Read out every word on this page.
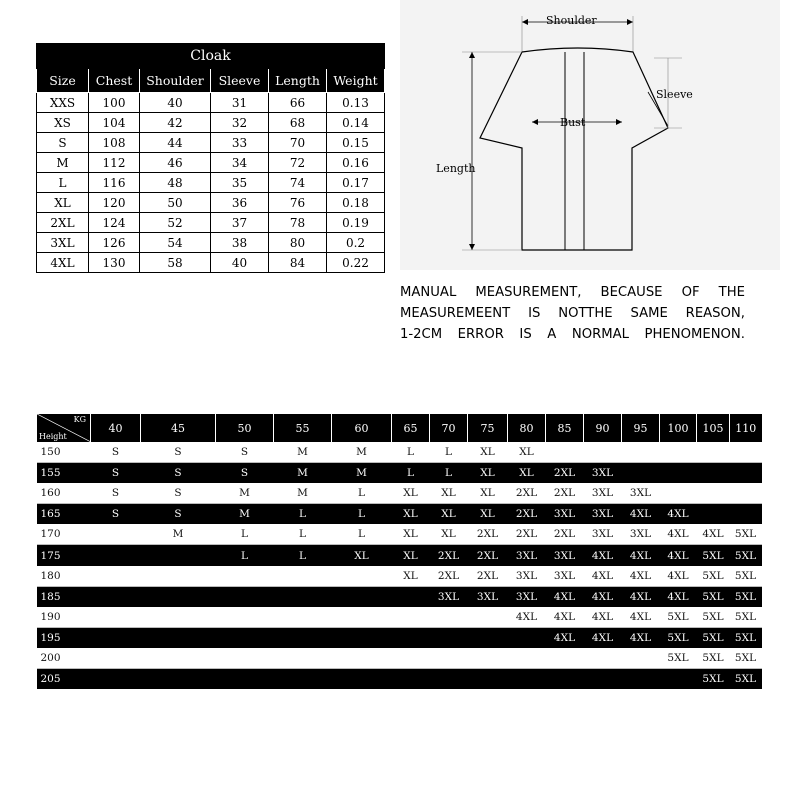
Cloak					
Size	Chest	Shoulder	Sleeve	Length	Weight
XXS	100	40	31	66	0.13
XS	104	42	32	68	0.14
S	108	44	33	70	0.15
M	112	46	34	72	0.16
L	116	48	35	74	0.17
XL	120	50	36	76	0.18
2XL	124	52	37	78	0.19
3XL	126	54	38	80	0.2
4XL	130	58	40	84	0.22
Shoulder
Sleeve
Bust
Length
MANUAL MEASUREMENT, BECAUSE OF THE
MEASUREMEENT IS NOTTHE SAME REASON,
1-2CM ERROR IS A NORMAL PHENOMENON.
KG
Height	40	45	50	55	60	65	70	75	80	85	90	95	100	105	110
150	S	S	S	M	M	L	L	XL	XL						
155	S	S	S	M	M	L	L	XL	XL	2XL	3XL				
160	S	S	M	M	L	XL	XL	XL	2XL	2XL	3XL	3XL			
165	S	S	M	L	L	XL	XL	XL	2XL	3XL	3XL	4XL	4XL		
170		M	L	L	L	XL	XL	2XL	2XL	2XL	3XL	3XL	4XL	4XL	5XL
175			L	L	XL	XL	2XL	2XL	3XL	3XL	4XL	4XL	4XL	5XL	5XL
180						XL	2XL	2XL	3XL	3XL	4XL	4XL	4XL	5XL	5XL
185							3XL	3XL	3XL	4XL	4XL	4XL	4XL	5XL	5XL
190									4XL	4XL	4XL	4XL	5XL	5XL	5XL
195										4XL	4XL	4XL	5XL	5XL	5XL
200													5XL	5XL	5XL
205														5XL	5XL
